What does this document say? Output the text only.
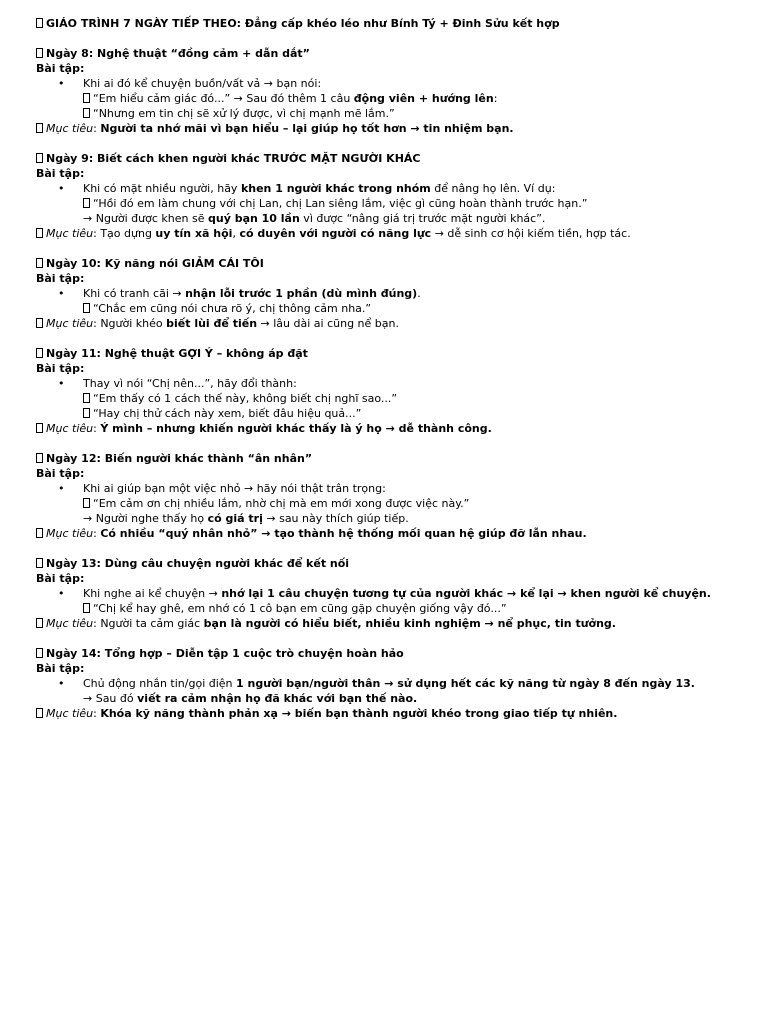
GIÁO TRÌNH 7 NGÀY TIẾP THEO: Đẳng cấp khéo léo như Bính Tý + Đinh Sửu kết hợp
Ngày 8: Nghệ thuật “đồng cảm + dẫn dắt”
Bài tập:
• Khi ai đó kể chuyện buồn/vất vả → bạn nói:
“Em hiểu cảm giác đó...” → Sau đó thêm 1 câu động viên + hướng lên:
“Nhưng em tin chị sẽ xử lý được, vì chị mạnh mẽ lắm.”
Mục tiêu: Người ta nhớ mãi vì bạn hiểu – lại giúp họ tốt hơn → tin nhiệm bạn.
Ngày 9: Biết cách khen người khác TRƯỚC MẶT NGƯỜI KHÁC
Bài tập:
• Khi có mặt nhiều người, hãy khen 1 người khác trong nhóm để nâng họ lên. Ví dụ:
“Hồi đó em làm chung với chị Lan, chị Lan siêng lắm, việc gì cũng hoàn thành trước hạn.”
→ Người được khen sẽ quý bạn 10 lần vì được “nâng giá trị trước mặt người khác”.
Mục tiêu: Tạo dựng uy tín xã hội, có duyên với người có năng lực → dễ sinh cơ hội kiếm tiền, hợp tác.
Ngày 10: Kỹ năng nói GIẢM CÁI TÔI
Bài tập:
• Khi có tranh cãi → nhận lỗi trước 1 phần (dù mình đúng).
“Chắc em cũng nói chưa rõ ý, chị thông cảm nha.”
Mục tiêu: Người khéo biết lùi để tiến → lâu dài ai cũng nể bạn.
Ngày 11: Nghệ thuật GỢI Ý – không áp đặt
Bài tập:
• Thay vì nói “Chị nên...”, hãy đổi thành:
“Em thấy có 1 cách thế này, không biết chị nghĩ sao...”
“Hay chị thử cách này xem, biết đâu hiệu quả...”
Mục tiêu: Ý mình – nhưng khiến người khác thấy là ý họ → dễ thành công.
Ngày 12: Biến người khác thành “ân nhân”
Bài tập:
• Khi ai giúp bạn một việc nhỏ → hãy nói thật trân trọng:
“Em cảm ơn chị nhiều lắm, nhờ chị mà em mới xong được việc này.”
→ Người nghe thấy họ có giá trị → sau này thích giúp tiếp.
Mục tiêu: Có nhiều “quý nhân nhỏ” → tạo thành hệ thống mối quan hệ giúp đỡ lẫn nhau.
Ngày 13: Dùng câu chuyện người khác để kết nối
Bài tập:
• Khi nghe ai kể chuyện → nhớ lại 1 câu chuyện tương tự của người khác → kể lại → khen người kể chuyện.
“Chị kể hay ghê, em nhớ có 1 cô bạn em cũng gặp chuyện giống vậy đó...”
Mục tiêu: Người ta cảm giác bạn là người có hiểu biết, nhiều kinh nghiệm → nể phục, tin tưởng.
Ngày 14: Tổng hợp – Diễn tập 1 cuộc trò chuyện hoàn hảo
Bài tập:
• Chủ động nhắn tin/gọi điện 1 người bạn/người thân → sử dụng hết các kỹ năng từ ngày 8 đến ngày 13.
→ Sau đó viết ra cảm nhận họ đã khác với bạn thế nào.
Mục tiêu: Khóa kỹ năng thành phản xạ → biến bạn thành người khéo trong giao tiếp tự nhiên.
